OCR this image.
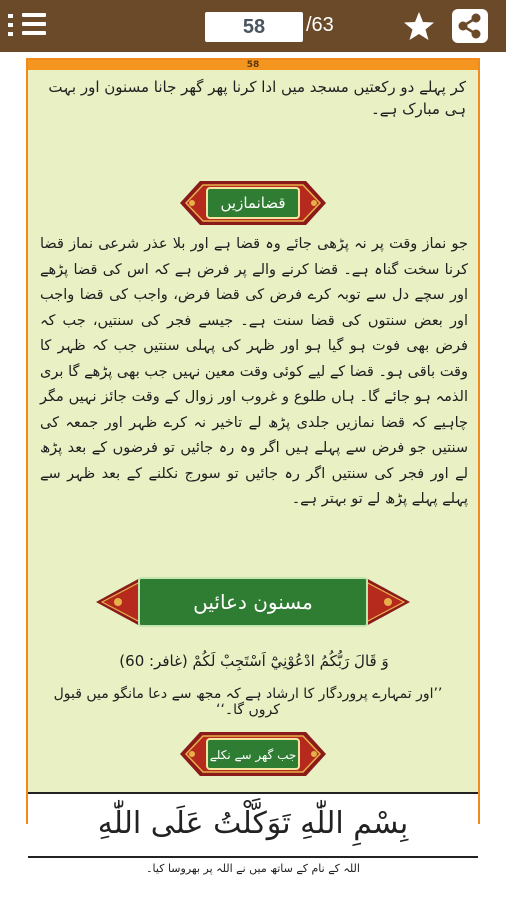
58	/63
58
کر پہلے دو رکعتیں مسجد میں ادا کرنا پھر گھر جانا مسنون اور بہت ہی مبارک ہے۔
قضانمازیں
جو نماز وقت پر نہ پڑھی جائے وہ قضا ہے اور بلا عذر شرعی نماز قضا کرنا سخت گناہ ہے۔ قضا کرنے والے پر فرض ہے کہ اس کی قضا پڑھے اور سچے دل سے توبہ کرے فرض کی قضا فرض، واجب کی قضا واجب اور بعض سنتوں کی قضا سنت ہے۔ جیسے فجر کی سنتیں، جب کہ فرض بھی فوت ہو گیا ہو اور ظہر کی پہلی سنتیں جب کہ ظہر کا وقت باقی ہو۔ قضا کے لیے کوئی وقت معین نہیں جب بھی پڑھے گا بری الذمہ ہو جائے گا۔ ہاں طلوع و غروب اور زوال کے وقت جائز نہیں مگر چاہیے کہ قضا نمازیں جلدی پڑھ لے تاخیر نہ کرے ظہر اور جمعہ کی سنتیں جو فرض سے پہلے ہیں اگر وہ رہ جائیں تو فرضوں کے بعد پڑھ لے اور فجر کی سنتیں اگر رہ جائیں تو سورج نکلنے کے بعد ظہر سے پہلے پہلے پڑھ لے تو بہتر ہے۔
مسنون دعائیں
وَ قَالَ رَبُّكُمُ ادْعُوْنِيْٓ اَسْتَجِبْ لَكُمْ (غافر: 60)
’’اور تمہارے پروردگار کا ارشاد ہے کہ مجھ سے دعا مانگو میں قبول کروں گا۔‘‘
جب گھر سے نکلے
بِسْمِ اللّٰهِ تَوَكَّلْتُ عَلَى اللّٰهِ
اللہ کے نام کے ساتھ میں نے اللہ پر بھروسا کیا۔
